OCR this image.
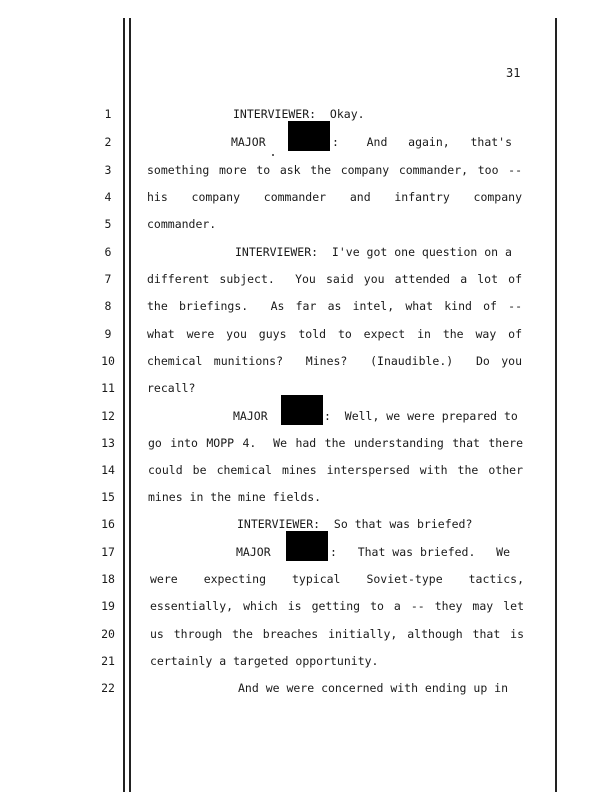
31
1
2
3
4
5
6
7
8
9
10
11
12
13
14
15
16
17
18
19
20
21
22
INTERVIEWER:  Okay.
MAJOR	:    And   again,   that's
something more to ask the company commander, too --
his   company   commander   and   infantry   company
commander.
INTERVIEWER:  I've got one question on a
different subject.  You said you attended a lot of
the briefings.  As far as intel, what kind of --
what were you guys told to expect in the way of
chemical munitions?  Mines?  (Inaudible.)  Do you
recall?
MAJOR	:  Well, we were prepared to
go into MOPP 4.  We had the understanding that there
could be chemical mines interspersed with the other
mines in the mine fields.
INTERVIEWER:  So that was briefed?
MAJOR	:   That was briefed.   We
were   expecting   typical   Soviet-type   tactics,
essentially, which is getting to a -- they may let
us through the breaches initially, although that is
certainly a targeted opportunity.
And we were concerned with ending up in
